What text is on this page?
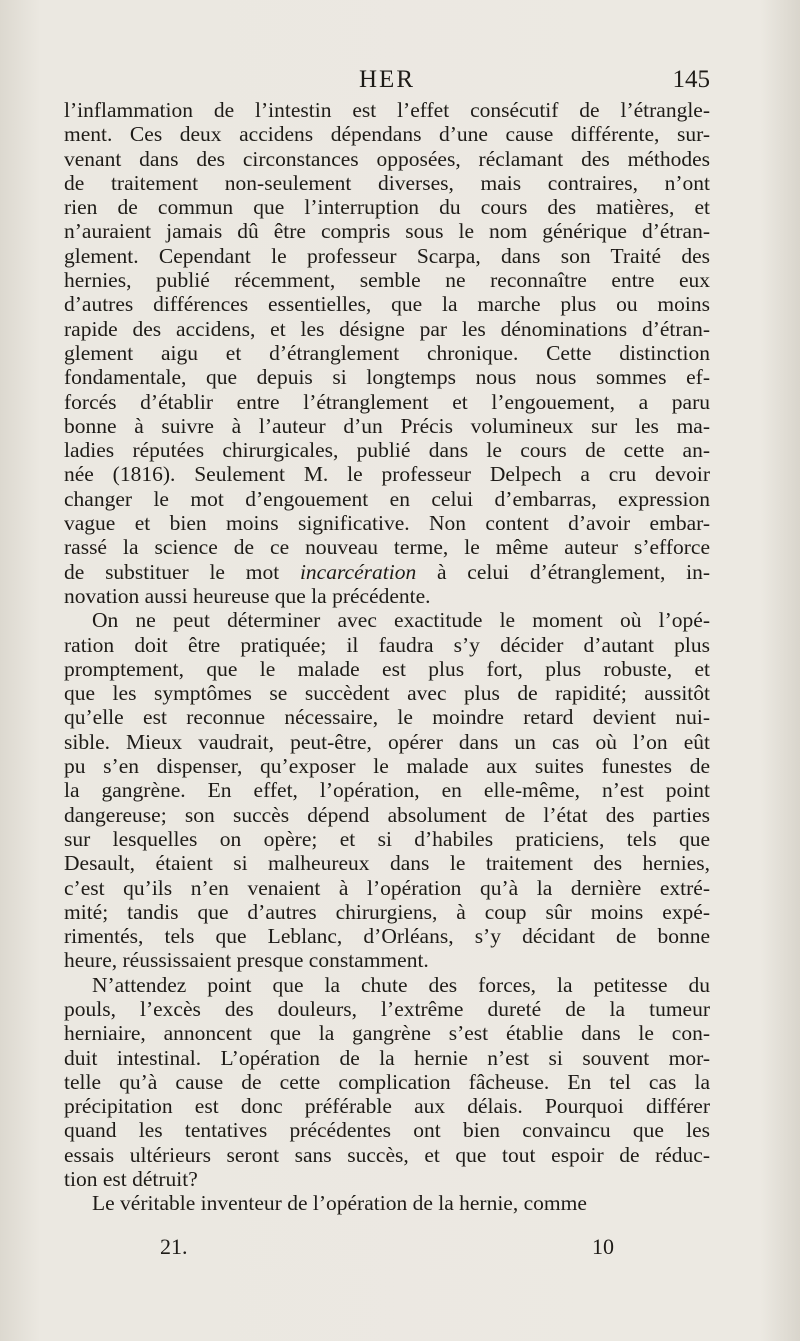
HER	145

l’inflammation de l’intestin est l’effet consécutif de l’étrangle-
ment. Ces deux accidens dépendans d’une cause différente, sur-
venant dans des circonstances opposées, réclamant des méthodes
de traitement non-seulement diverses, mais contraires, n’ont
rien de commun que l’interruption du cours des matières, et
n’auraient jamais dû être compris sous le nom générique d’étran-
glement. Cependant le professeur Scarpa, dans son Traité des
hernies, publié récemment, semble ne reconnaître entre eux
d’autres différences essentielles, que la marche plus ou moins
rapide des accidens, et les désigne par les dénominations d’étran-
glement aigu et d’étranglement chronique. Cette distinction
fondamentale, que depuis si longtemps nous nous sommes ef-
forcés d’établir entre l’étranglement et l’engouement, a paru
bonne à suivre à l’auteur d’un Précis volumineux sur les ma-
ladies réputées chirurgicales, publié dans le cours de cette an-
née (1816). Seulement M. le professeur Delpech a cru devoir
changer le mot d’engouement en celui d’embarras, expression
vague et bien moins significative. Non content d’avoir embar-
rassé la science de ce nouveau terme, le même auteur s’efforce
de substituer le mot incarcération à celui d’étranglement, in-
novation aussi heureuse que la précédente.

On ne peut déterminer avec exactitude le moment où l’opé-
ration doit être pratiquée; il faudra s’y décider d’autant plus
promptement, que le malade est plus fort, plus robuste, et
que les symptômes se succèdent avec plus de rapidité; aussitôt
qu’elle est reconnue nécessaire, le moindre retard devient nui-
sible. Mieux vaudrait, peut-être, opérer dans un cas où l’on eût
pu s’en dispenser, qu’exposer le malade aux suites funestes de
la gangrène. En effet, l’opération, en elle-même, n’est point
dangereuse; son succès dépend absolument de l’état des parties
sur lesquelles on opère; et si d’habiles praticiens, tels que
Desault, étaient si malheureux dans le traitement des hernies,
c’est qu’ils n’en venaient à l’opération qu’à la dernière extré-
mité; tandis que d’autres chirurgiens, à coup sûr moins expé-
rimentés, tels que Leblanc, d’Orléans, s’y décidant de bonne
heure, réussissaient presque constamment.

N’attendez point que la chute des forces, la petitesse du
pouls, l’excès des douleurs, l’extrême dureté de la tumeur
herniaire, annoncent que la gangrène s’est établie dans le con-
duit intestinal. L’opération de la hernie n’est si souvent mor-
telle qu’à cause de cette complication fâcheuse. En tel cas la
précipitation est donc préférable aux délais. Pourquoi différer
quand les tentatives précédentes ont bien convaincu que les
essais ultérieurs seront sans succès, et que tout espoir de réduc-
tion est détruit?

Le véritable inventeur de l’opération de la hernie, comme

21.	10
